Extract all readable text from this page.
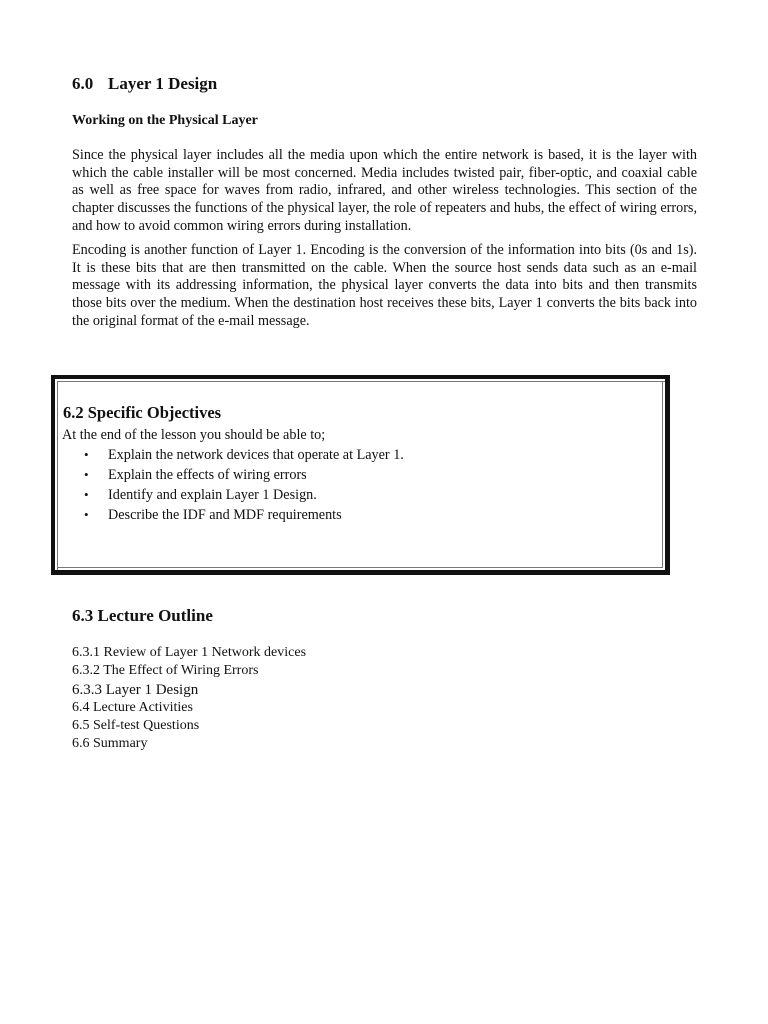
6.0 Layer 1 Design
Working on the Physical Layer

Since the physical layer includes all the media upon which the entire network is based, it is the layer with which the cable installer will be most concerned. Media includes twisted pair, fiber-optic, and coaxial cable as well as free space for waves from radio, infrared, and other wireless technologies. This section of the chapter discusses the functions of the physical layer, the role of repeaters and hubs, the effect of wiring errors, and how to avoid common wiring errors during installation.

Encoding is another function of Layer 1. Encoding is the conversion of the information into bits (0s and 1s). It is these bits that are then transmitted on the cable. When the source host sends data such as an e-mail message with its addressing information, the physical layer converts the data into bits and then transmits those bits over the medium. When the destination host receives these bits, Layer 1 converts the bits back into the original format of the e-mail message.

6.2 Specific Objectives

At the end of the lesson you should be able to;

• Explain the network devices that operate at Layer 1.
• Explain the effects of wiring errors
• Identify and explain Layer 1 Design.
• Describe the IDF and MDF requirements
6.3 Lecture Outline
6.3.1 Review of Layer 1 Network devices
6.3.2 The Effect of Wiring Errors
6.3.3 Layer 1 Design
6.4 Lecture Activities
6.5 Self-test Questions
6.6 Summary
